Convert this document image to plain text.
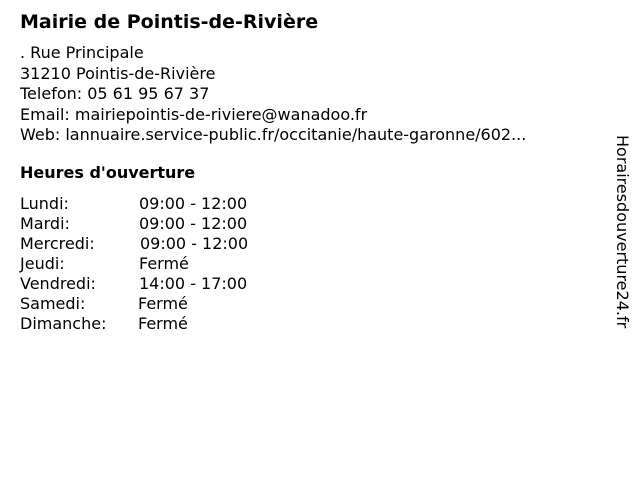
Mairie de Pointis-de-Rivière
. Rue Principale
31210 Pointis-de-Rivière
Telefon: 05 61 95 67 37
Email: mairiepointis-de-riviere@wanadoo.fr
Web: lannuaire.service-public.fr/occitanie/haute-garonne/602...
Heures d'ouverture
Lundi:	09:00 - 12:00
Mardi:	09:00 - 12:00
Mercredi:	09:00 - 12:00
Jeudi:	Fermé
Vendredi:	14:00 - 17:00
Samedi:	Fermé
Dimanche: Fermé	Horairesdouverture24.fr
